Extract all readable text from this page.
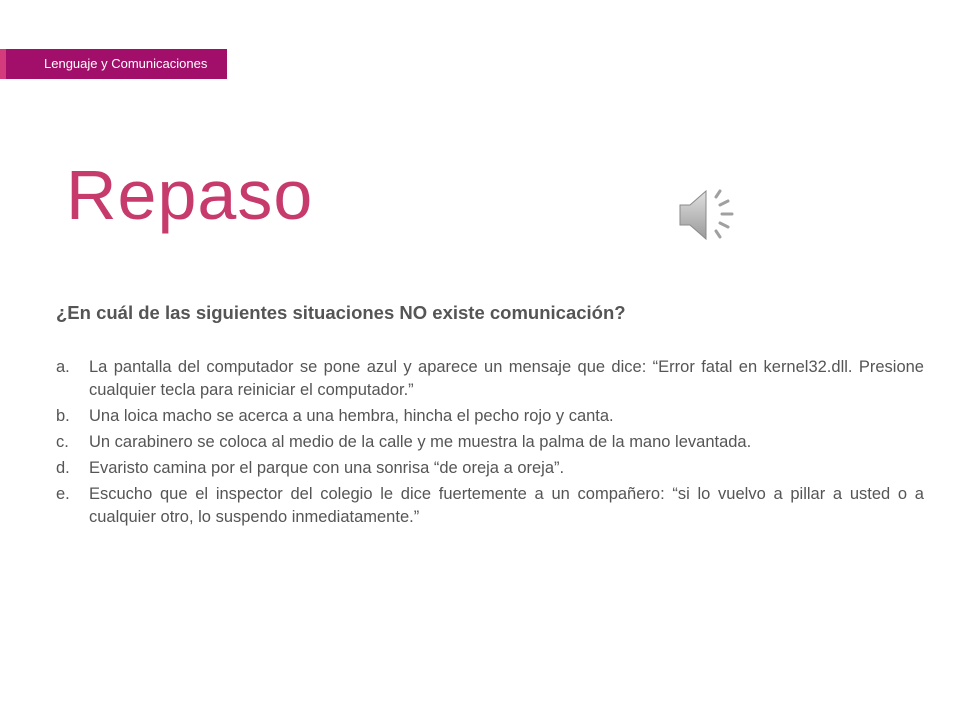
Lenguaje y Comunicaciones
Repaso
¿En cuál de las siguientes situaciones NO existe comunicación?
a.	La pantalla del computador se pone azul y aparece un mensaje que dice: “Error fatal en kernel32.dll. Presione cualquier tecla para reiniciar el computador.”
b.	Una loica macho se acerca a una hembra, hincha el pecho rojo y canta.
c.	Un carabinero se coloca al medio de la calle y me muestra la palma de la mano levantada.
d.	Evaristo camina por el parque con una sonrisa “de oreja a oreja”.
e.	Escucho que el inspector del colegio le dice fuertemente a un compañero: “si lo vuelvo a pillar a usted o a cualquier otro, lo suspendo inmediatamente.”
